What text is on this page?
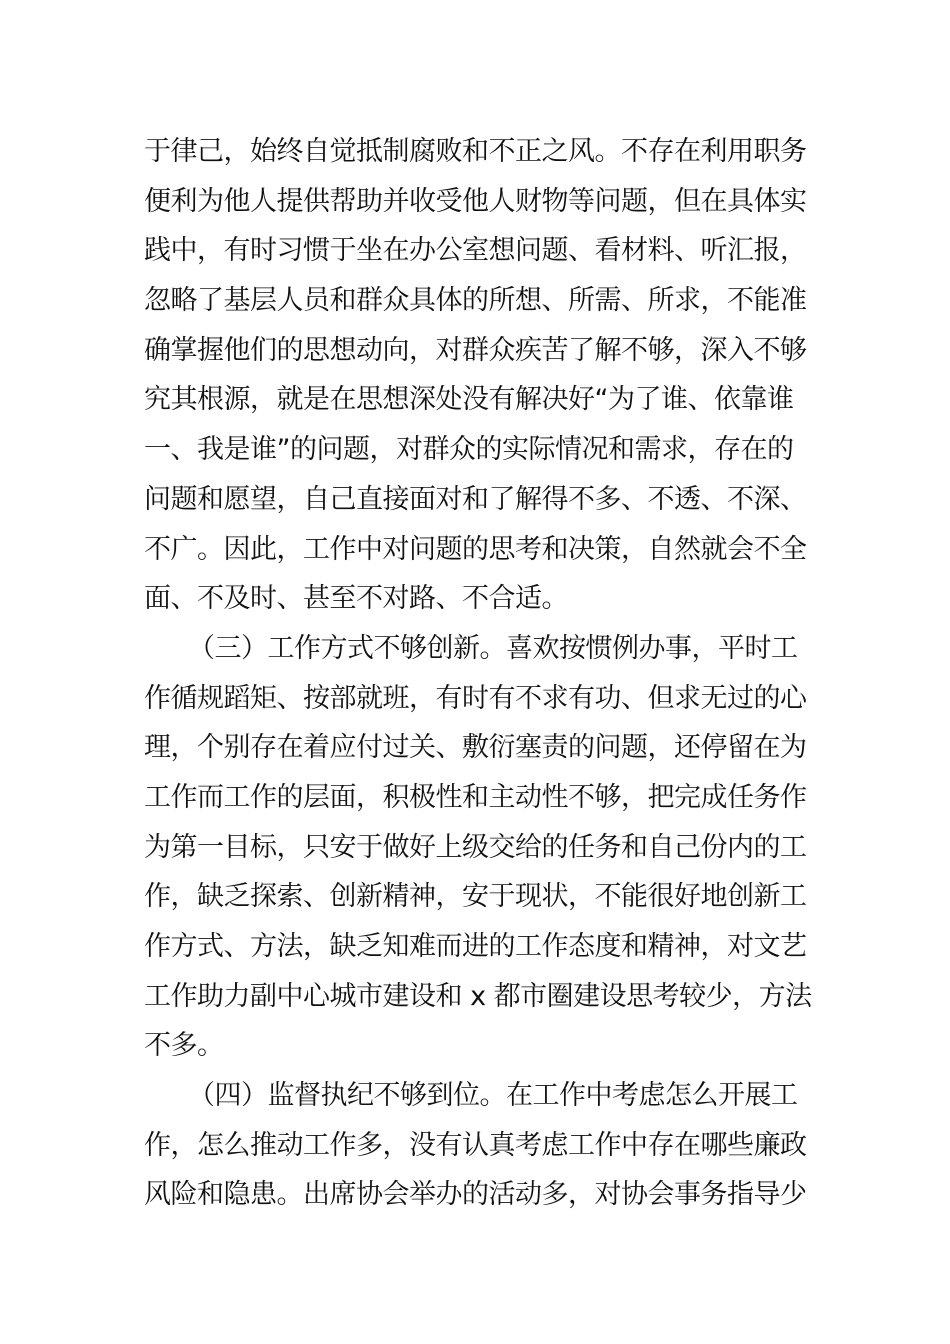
于律己，始终自觉抵制腐败和不正之风。不存在利用职务
便利为他人提供帮助并收受他人财物等问题，但在具体实
践中，有时习惯于坐在办公室想问题、看材料、听汇报，
忽略了基层人员和群众具体的所想、所需、所求，不能准
确掌握他们的思想动向，对群众疾苦了解不够，深入不够
究其根源，就是在思想深处没有解决好“为了谁、依靠谁
一、我是谁”的问题，对群众的实际情况和需求，存在的
问题和愿望，自己直接面对和了解得不多、不透、不深、
不广。因此，工作中对问题的思考和决策，自然就会不全
面、不及时、甚至不对路、不合适。
（三）工作方式不够创新。喜欢按惯例办事，平时工
作循规蹈矩、按部就班，有时有不求有功、但求无过的心
理，个别存在着应付过关、敷衍塞责的问题，还停留在为
工作而工作的层面，积极性和主动性不够，把完成任务作
为第一目标，只安于做好上级交给的任务和自己份内的工
作，缺乏探索、创新精神，安于现状，不能很好地创新工
作方式、方法，缺乏知难而进的工作态度和精神，对文艺
工作助力副中心城市建设和 x 都市圈建设思考较少，方法
不多。
（四）监督执纪不够到位。在工作中考虑怎么开展工
作，怎么推动工作多，没有认真考虑工作中存在哪些廉政
风险和隐患。出席协会举办的活动多，对协会事务指导少
